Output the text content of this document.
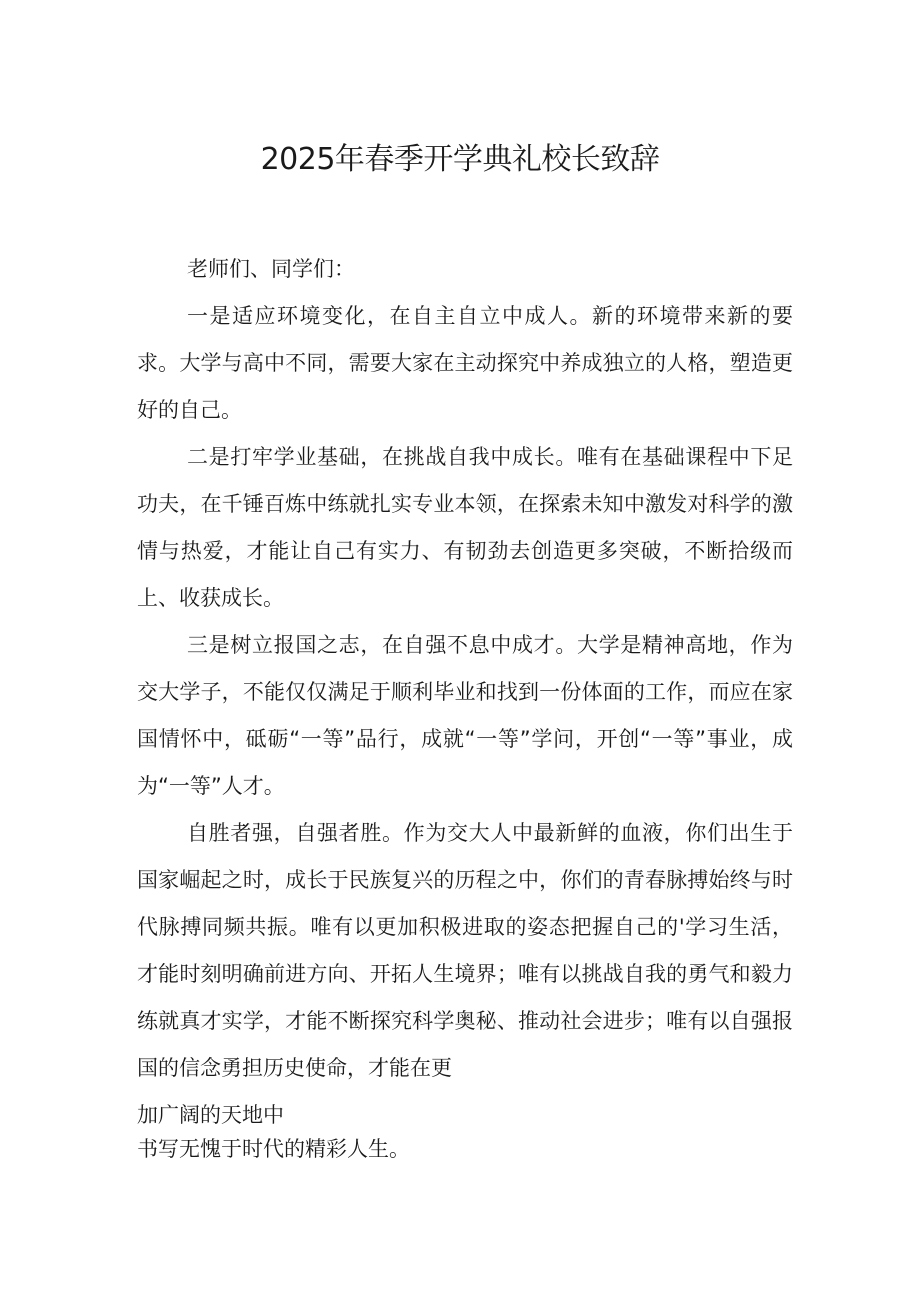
2025年春季开学典礼校长致辞

老师们、同学们：

一是适应环境变化，在自主自立中成人。新的环境带来新的要求。大学与高中不同，需要大家在主动探究中养成独立的人格，塑造更好的自己。

二是打牢学业基础，在挑战自我中成长。唯有在基础课程中下足功夫，在千锤百炼中练就扎实专业本领，在探索未知中激发对科学的激情与热爱，才能让自己有实力、有韧劲去创造更多突破，不断拾级而上、收获成长。

三是树立报国之志，在自强不息中成才。大学是精神高地，作为交大学子，不能仅仅满足于顺利毕业和找到一份体面的工作，而应在家国情怀中，砥砺“一等”品行，成就“一等”学问，开创“一等”事业，成为“一等”人才。

自胜者强，自强者胜。作为交大人中最新鲜的血液，你们出生于国家崛起之时，成长于民族复兴的历程之中，你们的青春脉搏始终与时代脉搏同频共振。唯有以更加积极进取的姿态把握自己的'学习生活，才能时刻明确前进方向、开拓人生境界；唯有以挑战自我的勇气和毅力练就真才实学，才能不断探究科学奥秘、推动社会进步；唯有以自强报国的信念勇担历史使命，才能在更

加广阔的天地中
书写无愧于时代的精彩人生。
